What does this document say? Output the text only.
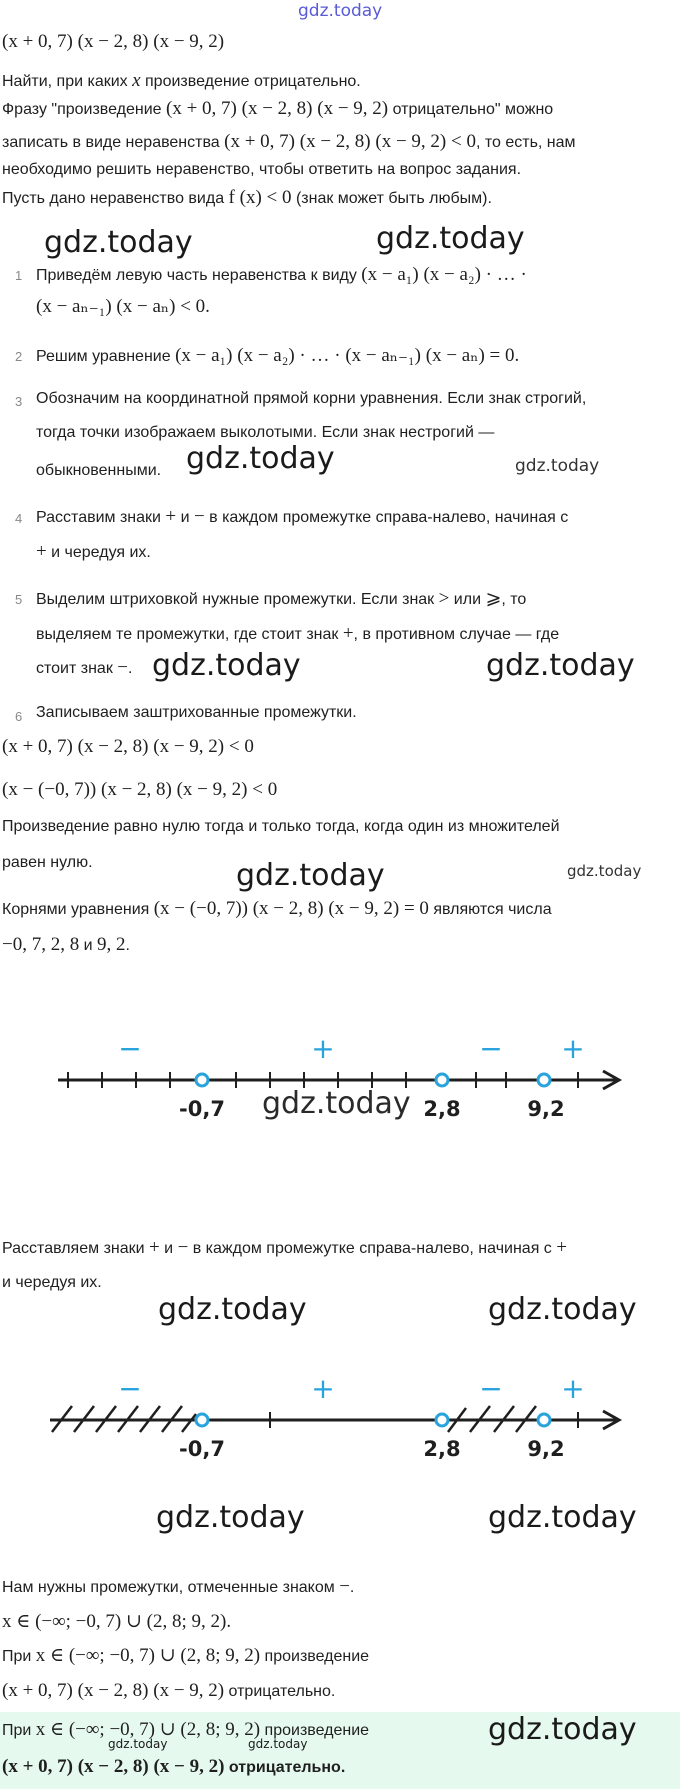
gdz.today
(x + 0, 7) (x − 2, 8) (x − 9, 2)
Найти, при каких x произведение отрицательно.
Фразу "произведение (x + 0, 7) (x − 2, 8) (x − 9, 2) отрицательно" можно
записать в виде неравенства (x + 0, 7) (x − 2, 8) (x − 9, 2) < 0, то есть, нам
необходимо решить неравенство, чтобы ответить на вопрос задания.
Пусть дано неравенство вида f (x) < 0 (знак может быть любым).
1 Приведём левую часть неравенства к виду (x − a₁) (x − a₂) · … ·
(x − aₙ₋₁) (x − aₙ) < 0.
2 Решим уравнение (x − a₁) (x − a₂) · … · (x − aₙ₋₁) (x − aₙ) = 0.
3 Обозначим на координатной прямой корни уравнения. Если знак строгий,
тогда точки изображаем выколотыми. Если знак нестрогий —
обыкновенными.
4 Расставим знаки + и − в каждом промежутке справа-налево, начиная с
+ и чередуя их.
5 Выделим штриховкой нужные промежутки. Если знак > или ⩾, то
выделяем те промежутки, где стоит знак +, в противном случае — где
стоит знак −.
6 Записываем заштрихованные промежутки.
(x + 0, 7) (x − 2, 8) (x − 9, 2) < 0
(x − (−0, 7)) (x − 2, 8) (x − 9, 2) < 0
Произведение равно нулю тогда и только тогда, когда один из множителей
равен нулю.
Корнями уравнения (x − (−0, 7)) (x − 2, 8) (x − 9, 2) = 0 являются числа
−0, 7, 2, 8 и 9, 2.
-0,7	2,8	9,2
−	+	− +
Расставляем знаки + и − в каждом промежутке справа-налево, начиная с +
и чередуя их.
-0,7	2,8	9,2
−	+	− +
Нам нужны промежутки, отмеченные знаком −.
x ∈ (−∞; −0, 7) ∪ (2, 8; 9, 2).
При x ∈ (−∞; −0, 7) ∪ (2, 8; 9, 2) произведение
(x + 0, 7) (x − 2, 8) (x − 9, 2) отрицательно.
При x ∈ (−∞; −0, 7) ∪ (2, 8; 9, 2) произведение
(x + 0, 7) (x − 2, 8) (x − 9, 2) отрицательно.
gdz.today	gdz.today
gdz.today	gdz.today
gdz.today	gdz.today
gdz.today	gdz.today
gdz.today
gdz.today	gdz.today
gdz.today	gdz.today
gdz.today
gdz.today	gdz.today
